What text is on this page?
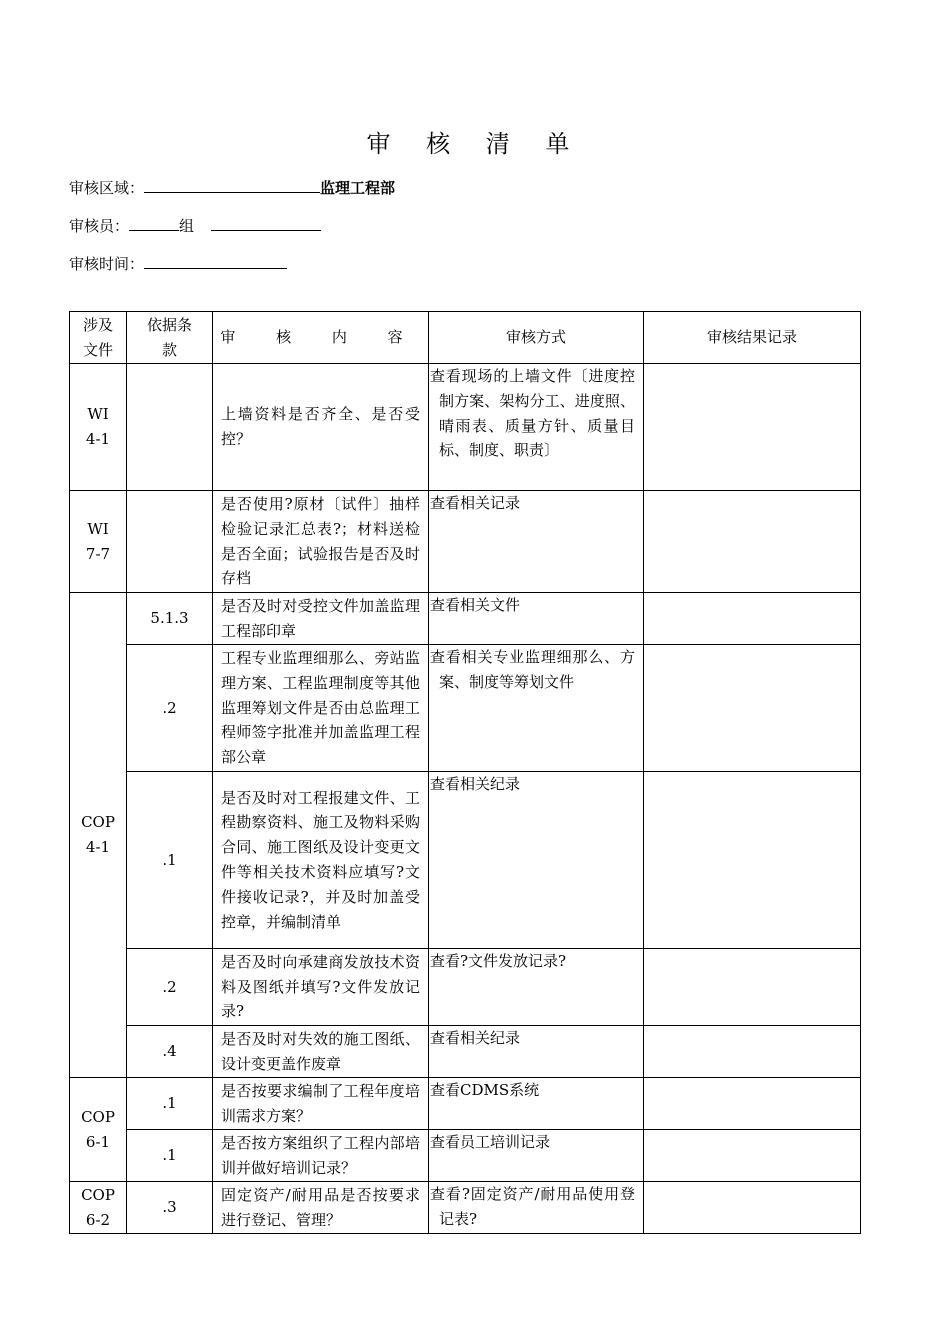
审 核 清 单
审核区域：	监理工程部
审核员：	组
审核时间：
涉及文件	依据条款	审 核 内 容	审核方式	审核结果记录
WI 4-1		上墙资料是否齐全、是否受控？	查看现场的上墙文件〔进度控制方案、架构分工、进度照、晴雨表、质量方针、质量目标、制度、职责〕	

WI 7-7		是否使用?原材〔试件〕抽样检验记录汇总表?；材料送检是否全面；试验报告是否及时存档	查看相关记录	

COP 4-1	5.1.3	是否及时对受控文件加盖监理工程部印章	查看相关文件	

	.2	工程专业监理细那么、旁站监理方案、工程监理制度等其他监理筹划文件是否由总监理工程师签字批准并加盖监理工程部公章	查看相关专业监理细那么、方案、制度等筹划文件	

	.1	是否及时对工程报建文件、工程勘察资料、施工及物料采购合同、施工图纸及设计变更文件等相关技术资料应填写?文件接收记录?，并及时加盖受控章，并编制清单	查看相关纪录	

	.2	是否及时向承建商发放技术资料及图纸并填写?文件发放记录?	查看?文件发放记录?	

	.4	是否及时对失效的施工图纸、设计变更盖作废章	查看相关纪录	

COP 6-1	.1	是否按要求编制了工程年度培训需求方案？	查看CDMS系统	

	.1	是否按方案组织了工程内部培训并做好培训记录？	查看员工培训记录	

COP 6-2	.3	固定资产/耐用品是否按要求进行登记、管理？	查看?固定资产/耐用品使用登记表?	
